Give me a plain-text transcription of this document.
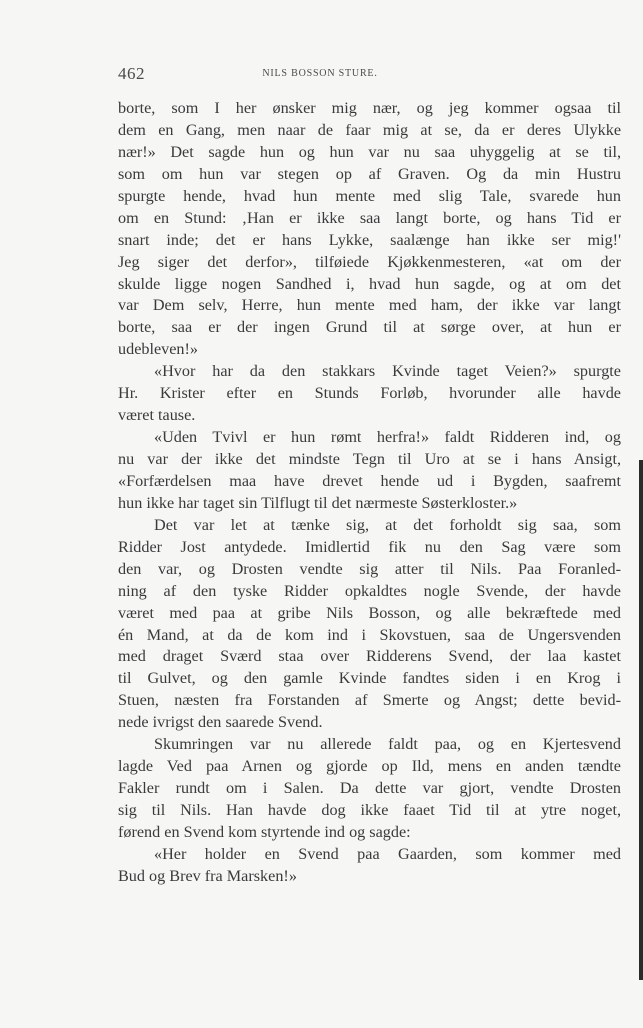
462	NILS BOSSON STURE.
borte, som I her ønsker mig nær, og jeg kommer ogsaa til
dem en Gang, men naar de faar mig at se, da er deres Ulykke
nær!» Det sagde hun og hun var nu saa uhyggelig at se til,
som om hun var stegen op af Graven. Og da min Hustru
spurgte hende, hvad hun mente med slig Tale, svarede hun
om en Stund: ‚Han er ikke saa langt borte, og hans Tid er
snart inde; det er hans Lykke, saalænge han ikke ser mig!'
Jeg siger det derfor», tilføiede Kjøkkenmesteren, «at om der
skulde ligge nogen Sandhed i, hvad hun sagde, og at om det
var Dem selv, Herre, hun mente med ham, der ikke var langt
borte, saa er der ingen Grund til at sørge over, at hun er
udebleven!»
«Hvor har da den stakkars Kvinde taget Veien?» spurgte
Hr. Krister efter en Stunds Forløb, hvorunder alle havde
været tause.
«Uden Tvivl er hun rømt herfra!» faldt Ridderen ind, og
nu var der ikke det mindste Tegn til Uro at se i hans Ansigt,
«Forfærdelsen maa have drevet hende ud i Bygden, saafremt
hun ikke har taget sin Tilflugt til det nærmeste Søsterkloster.»
Det var let at tænke sig, at det forholdt sig saa, som
Ridder Jost antydede. Imidlertid fik nu den Sag være som
den var, og Drosten vendte sig atter til Nils. Paa Foranled-
ning af den tyske Ridder opkaldtes nogle Svende, der havde
været med paa at gribe Nils Bosson, og alle bekræftede med
én Mand, at da de kom ind i Skovstuen, saa de Ungersvenden
med draget Sværd staa over Ridderens Svend, der laa kastet
til Gulvet, og den gamle Kvinde fandtes siden i en Krog i
Stuen, næsten fra Forstanden af Smerte og Angst; dette bevid-
nede ivrigst den saarede Svend.
Skumringen var nu allerede faldt paa, og en Kjertesvend
lagde Ved paa Arnen og gjorde op Ild, mens en anden tændte
Fakler rundt om i Salen. Da dette var gjort, vendte Drosten
sig til Nils. Han havde dog ikke faaet Tid til at ytre noget,
førend en Svend kom styrtende ind og sagde:
«Her holder en Svend paa Gaarden, som kommer med
Bud og Brev fra Marsken!»
